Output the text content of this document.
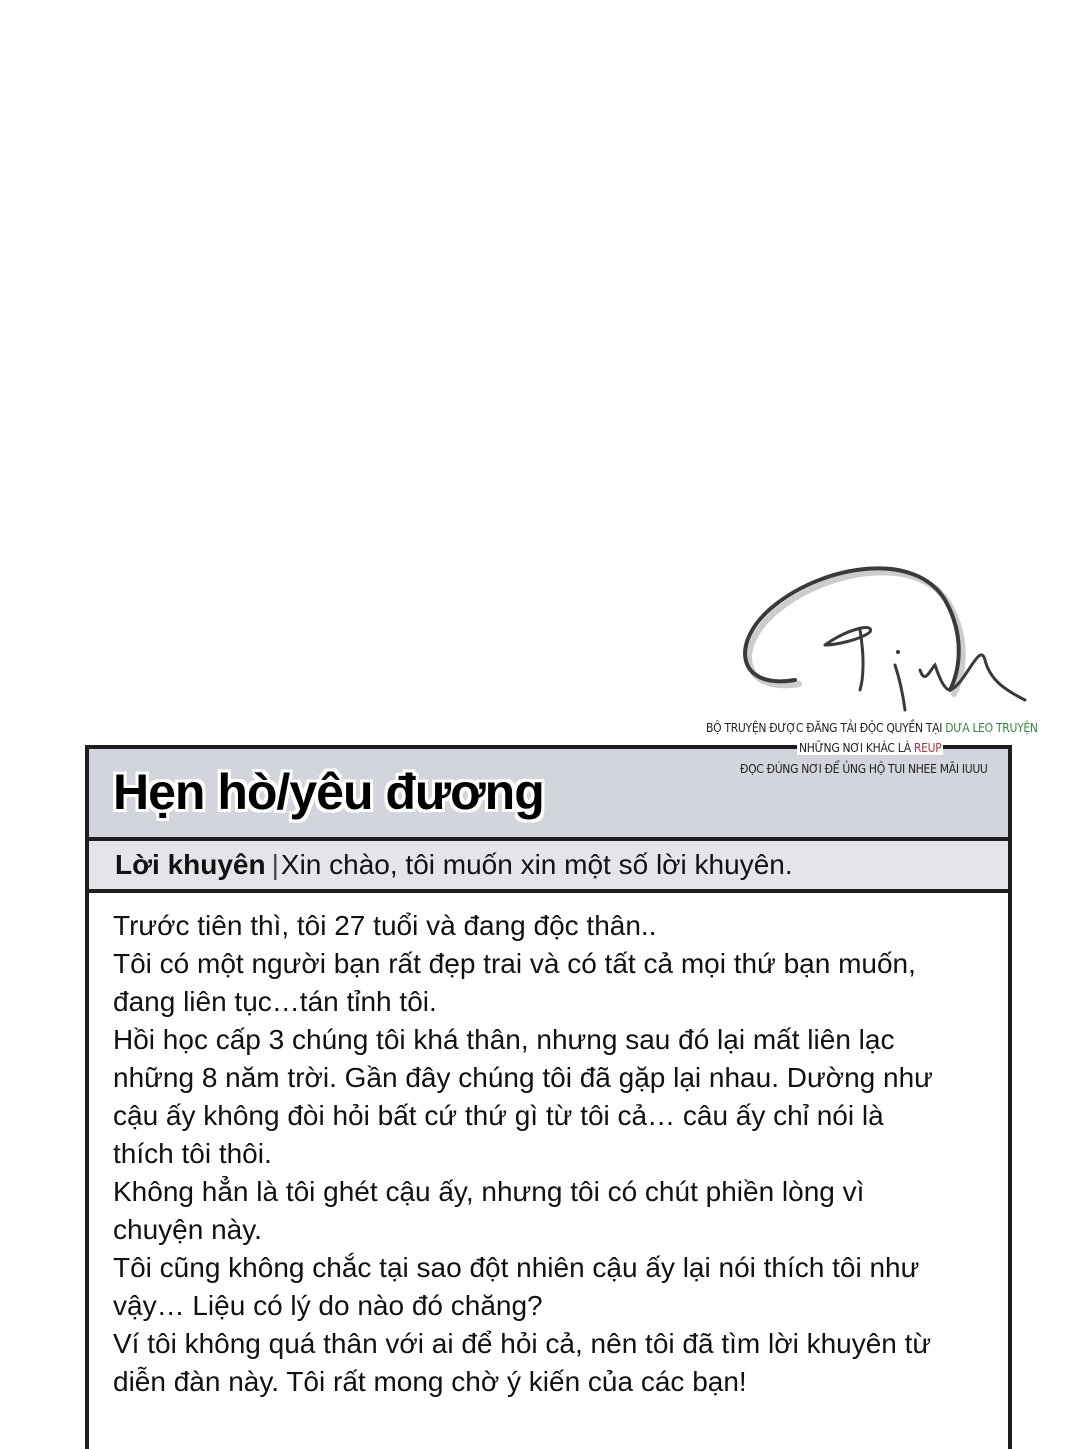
BỘ TRUYỆN ĐƯỢC ĐĂNG TẢI ĐỘC QUYỀN TẠI DƯA LEO TRUYỆN
NHỮNG NƠI KHÁC LÀ REUP
ĐỌC ĐÚNG NƠI ĐỂ ỦNG HỘ TUI NHEE MÃI IUUU
Hẹn hò/yêu đương
Lời khuyên | Xin chào, tôi muốn xin một số lời khuyên.
Trước tiên thì, tôi 27 tuổi và đang độc thân..
Tôi có một người bạn rất đẹp trai và có tất cả mọi thứ bạn muốn,
đang liên tục…tán tỉnh tôi.
Hồi học cấp 3 chúng tôi khá thân, nhưng sau đó lại mất liên lạc
những 8 năm trời. Gần đây chúng tôi đã gặp lại nhau. Dường như
cậu ấy không đòi hỏi bất cứ thứ gì từ tôi cả… câu ấy chỉ nói là
thích tôi thôi.
Không hẳn là tôi ghét cậu ấy, nhưng tôi có chút phiền lòng vì
chuyện này.
Tôi cũng không chắc tại sao đột nhiên cậu ấy lại nói thích tôi như
vậy… Liệu có lý do nào đó chăng?
Ví tôi không quá thân với ai để hỏi cả, nên tôi đã tìm lời khuyên từ
diễn đàn này. Tôi rất mong chờ ý kiến của các bạn!
